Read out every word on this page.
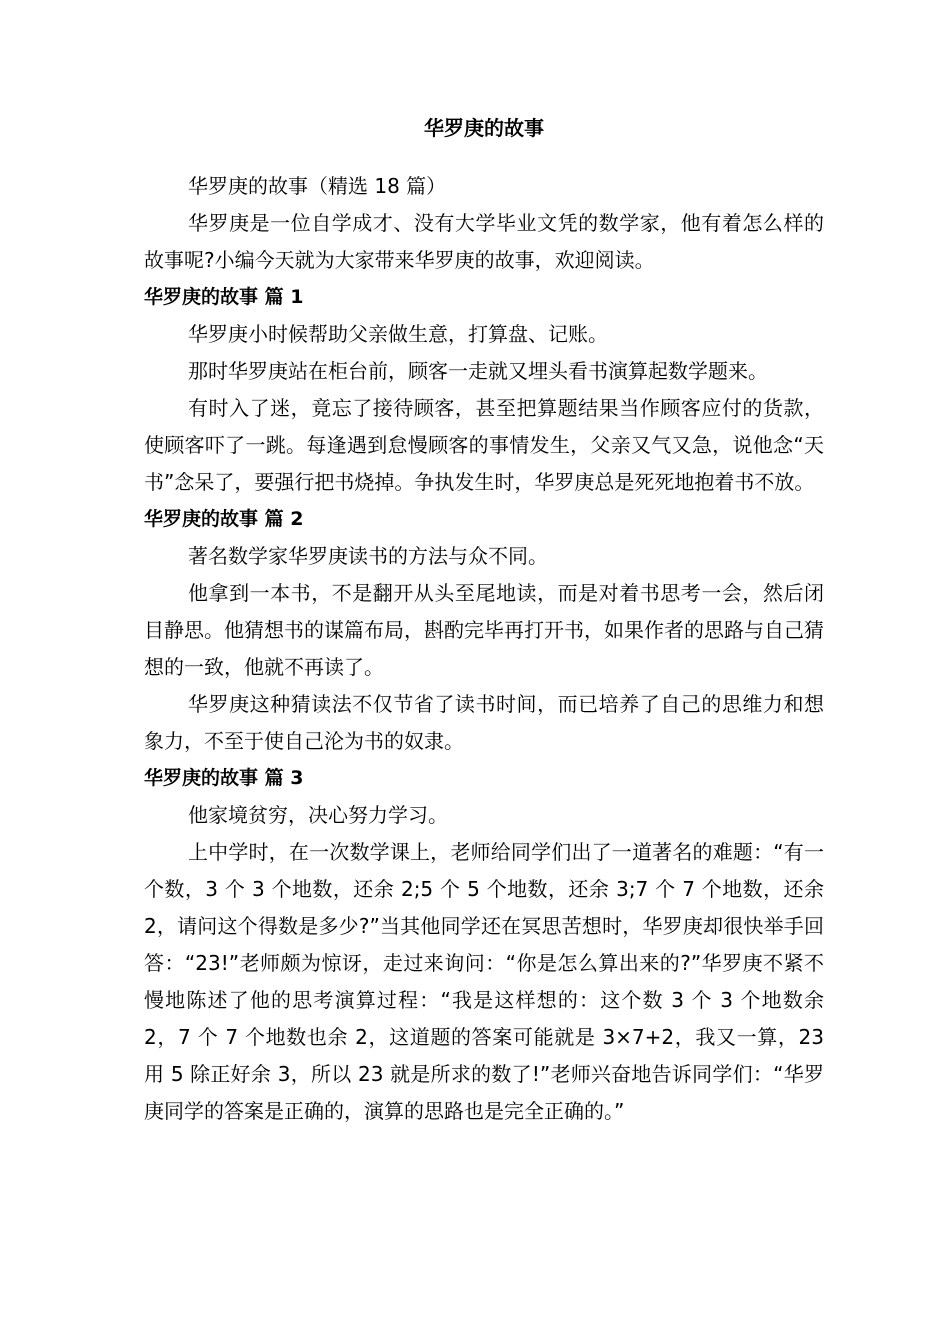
华罗庚的故事

华罗庚的故事（精选 18 篇）

华罗庚是一位自学成才、没有大学毕业文凭的数学家，他有着怎么样的故事呢?小编今天就为大家带来华罗庚的故事，欢迎阅读。

华罗庚的故事 篇 1

华罗庚小时候帮助父亲做生意，打算盘、记账。

那时华罗庚站在柜台前，顾客一走就又埋头看书演算起数学题来。

有时入了迷，竟忘了接待顾客，甚至把算题结果当作顾客应付的货款，使顾客吓了一跳。每逢遇到怠慢顾客的事情发生，父亲又气又急，说他念“天书”念呆了，要强行把书烧掉。争执发生时，华罗庚总是死死地抱着书不放。

华罗庚的故事 篇 2

著名数学家华罗庚读书的方法与众不同。

他拿到一本书，不是翻开从头至尾地读，而是对着书思考一会，然后闭目静思。他猜想书的谋篇布局，斟酌完毕再打开书，如果作者的思路与自己猜想的一致，他就不再读了。

华罗庚这种猜读法不仅节省了读书时间，而已培养了自己的思维力和想象力，不至于使自己沦为书的奴隶。

华罗庚的故事 篇 3

他家境贫穷，决心努力学习。

上中学时，在一次数学课上，老师给同学们出了一道著名的难题：“有一个数，3 个 3 个地数，还余 2;5 个 5 个地数，还余 3;7 个 7 个地数，还余 2，请问这个得数是多少?”当其他同学还在冥思苦想时，华罗庚却很快举手回答：“23!”老师颇为惊讶，走过来询问：“你是怎么算出来的?”华罗庚不紧不慢地陈述了他的思考演算过程：“我是这样想的：这个数 3 个 3 个地数余 2，7 个 7 个地数也余 2，这道题的答案可能就是 3×7+2，我又一算，23 用 5 除正好余 3，所以 23 就是所求的数了!”老师兴奋地告诉同学们：“华罗庚同学的答案是正确的，演算的思路也是完全正确的。”
